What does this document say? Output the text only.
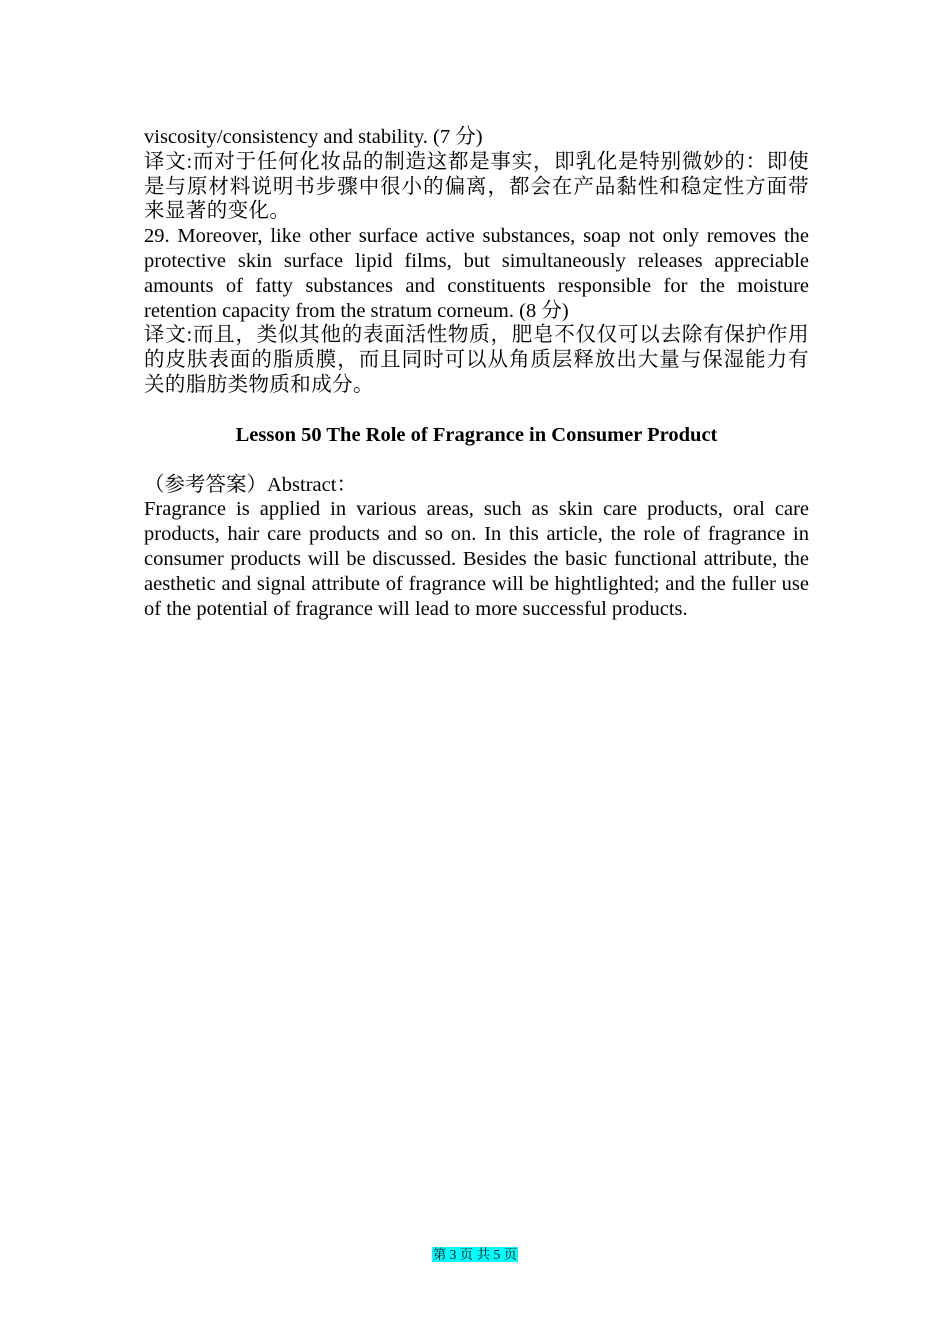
viscosity/consistency and stability. (7 分)

译文:而对于任何化妆品的制造这都是事实，即乳化是特别微妙的：即使是与原材料说明书步骤中很小的偏离，都会在产品黏性和稳定性方面带来显著的变化。

29. Moreover, like other surface active substances, soap not only removes the protective skin surface lipid films, but simultaneously releases appreciable amounts of fatty substances and constituents responsible for the moisture retention capacity from the stratum corneum. (8 分)

译文:而且，类似其他的表面活性物质，肥皂不仅仅可以去除有保护作用的皮肤表面的脂质膜，而且同时可以从角质层释放出大量与保湿能力有关的脂肪类物质和成分。

Lesson 50 The Role of Fragrance in Consumer Product

（参考答案）Abstract：

Fragrance is applied in various areas, such as skin care products, oral care products, hair care products and so on. In this article, the role of fragrance in consumer products will be discussed. Besides the basic functional attribute, the aesthetic and signal attribute of fragrance will be hightlighted; and the fuller use of the potential of fragrance will lead to more successful products.

第 3 页 共 5 页
